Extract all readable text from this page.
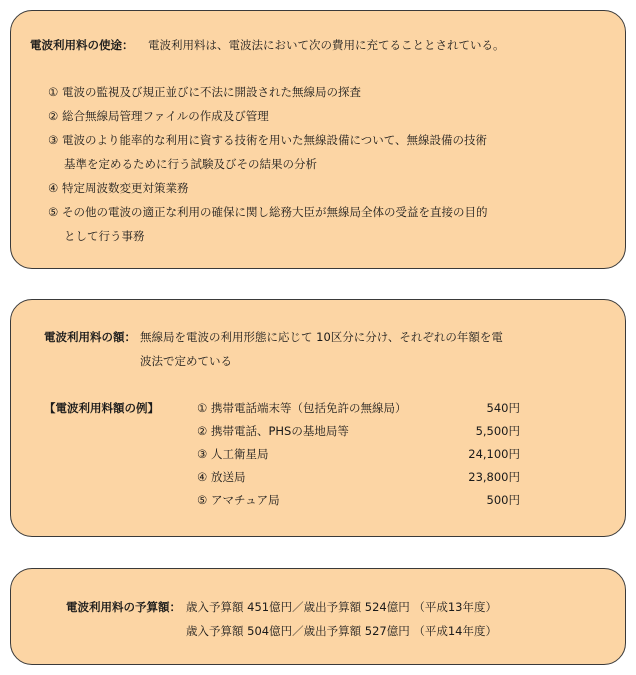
電波利用料の使途： 電波利用料は、電波法において次の費用に充てることとされている。
① 電波の監視及び規正並びに不法に開設された無線局の探査
② 総合無線局管理ファイルの作成及び管理
③ 電波のより能率的な利用に資する技術を用いた無線設備について、無線設備の技術
基準を定めるために行う試験及びその結果の分析
④ 特定周波数変更対策業務
⑤ その他の電波の適正な利用の確保に関し総務大臣が無線局全体の受益を直接の目的
として行う事務
電波利用料の額： 無線局を電波の利用形態に応じて 10区分に分け、それぞれの年額を電
波法で定めている
【電波利用料額の例】	① 携帯電話端末等（包括免許の無線局）	540円
② 携帯電話、PHSの基地局等	5,500円
③ 人工衛星局	24,100円
④ 放送局	23,800円
⑤ アマチュア局	500円
電波利用料の予算額： 歳入予算額 451億円／歳出予算額 524億円 （平成13年度）
歳入予算額 504億円／歳出予算額 527億円 （平成14年度）
